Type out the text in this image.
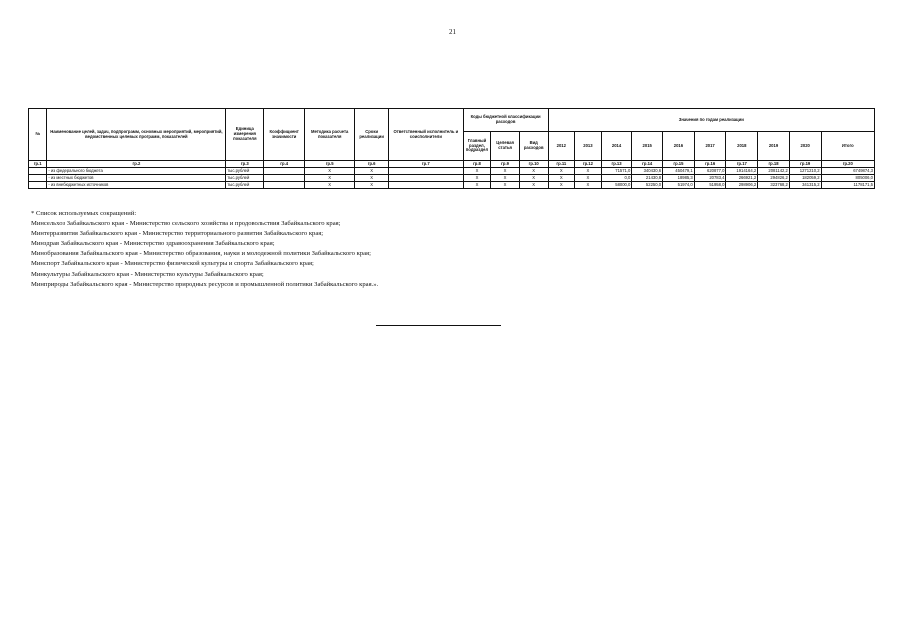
21
№	Наименование целей, задач, подпрограмм, основных мероприятий, мероприятий, ведомственных целевых программ, показателей	Единица измерения показателя	Коэффициент значимости	Методика расчета показателя	Сроки реализации	Ответственный исполнитель и соисполнители	Коды бюджетной классификации расходов			Значения по годам реализации									
							Главный раздел, подраздел	Целевая статья	Вид расходов	2012	2013	2014	2015	2016	2017	2018	2019	2020	Итого
гр.1	гр.2	гр.3	гр.4	гр.5	гр.6	гр.7	гр.8	гр.9	гр.10	гр.11	гр.12	гр.13	гр.14	гр.15	гр.16	гр.17	гр.18	гр.19	гр.20
	- из федерального бюджета	тыс.рублей		Х	Х		Х	Х	Х	Х	Х	71571,0	340430,6	450479,1	620877,0	1914164,2	2081142,2	1271210,2	6749874,3
	- из местных бюджетов	тыс.рублей		Х	Х		Х	Х	Х	Х	Х	0,0	21430,8	18985,3	20783,4	266921,2	294826,2	182059,2	805006,0
	- из внебюджетных источников	тыс.рублей		Х	Х		Х	Х	Х	Х	Х	58000,0	52250,0	51974,0	51958,0	298906,2	323768,2	341315,2	1178171,5
* Список используемых сокращений:
Минсельхоз Забайкальского края - Министерство сельского хозяйства и продовольствия Забайкальского края;
Минтерразвития Забайкальского края - Министерство территориального развития Забайкальского края;
Минздрав Забайкальского края - Министерство здравоохранения Забайкальского края;
Минобразования Забайкальского края - Министерство образования, науки и молодежной политики Забайкальского края;
Минспорт Забайкальского края - Министерство физической культуры и спорта Забайкальского края;
Минкультуры Забайкальского края - Министерство культуры Забайкальского края;
Минприроды Забайкальского края - Министерство природных ресурсов и промышленной политики Забайкальского края.».
